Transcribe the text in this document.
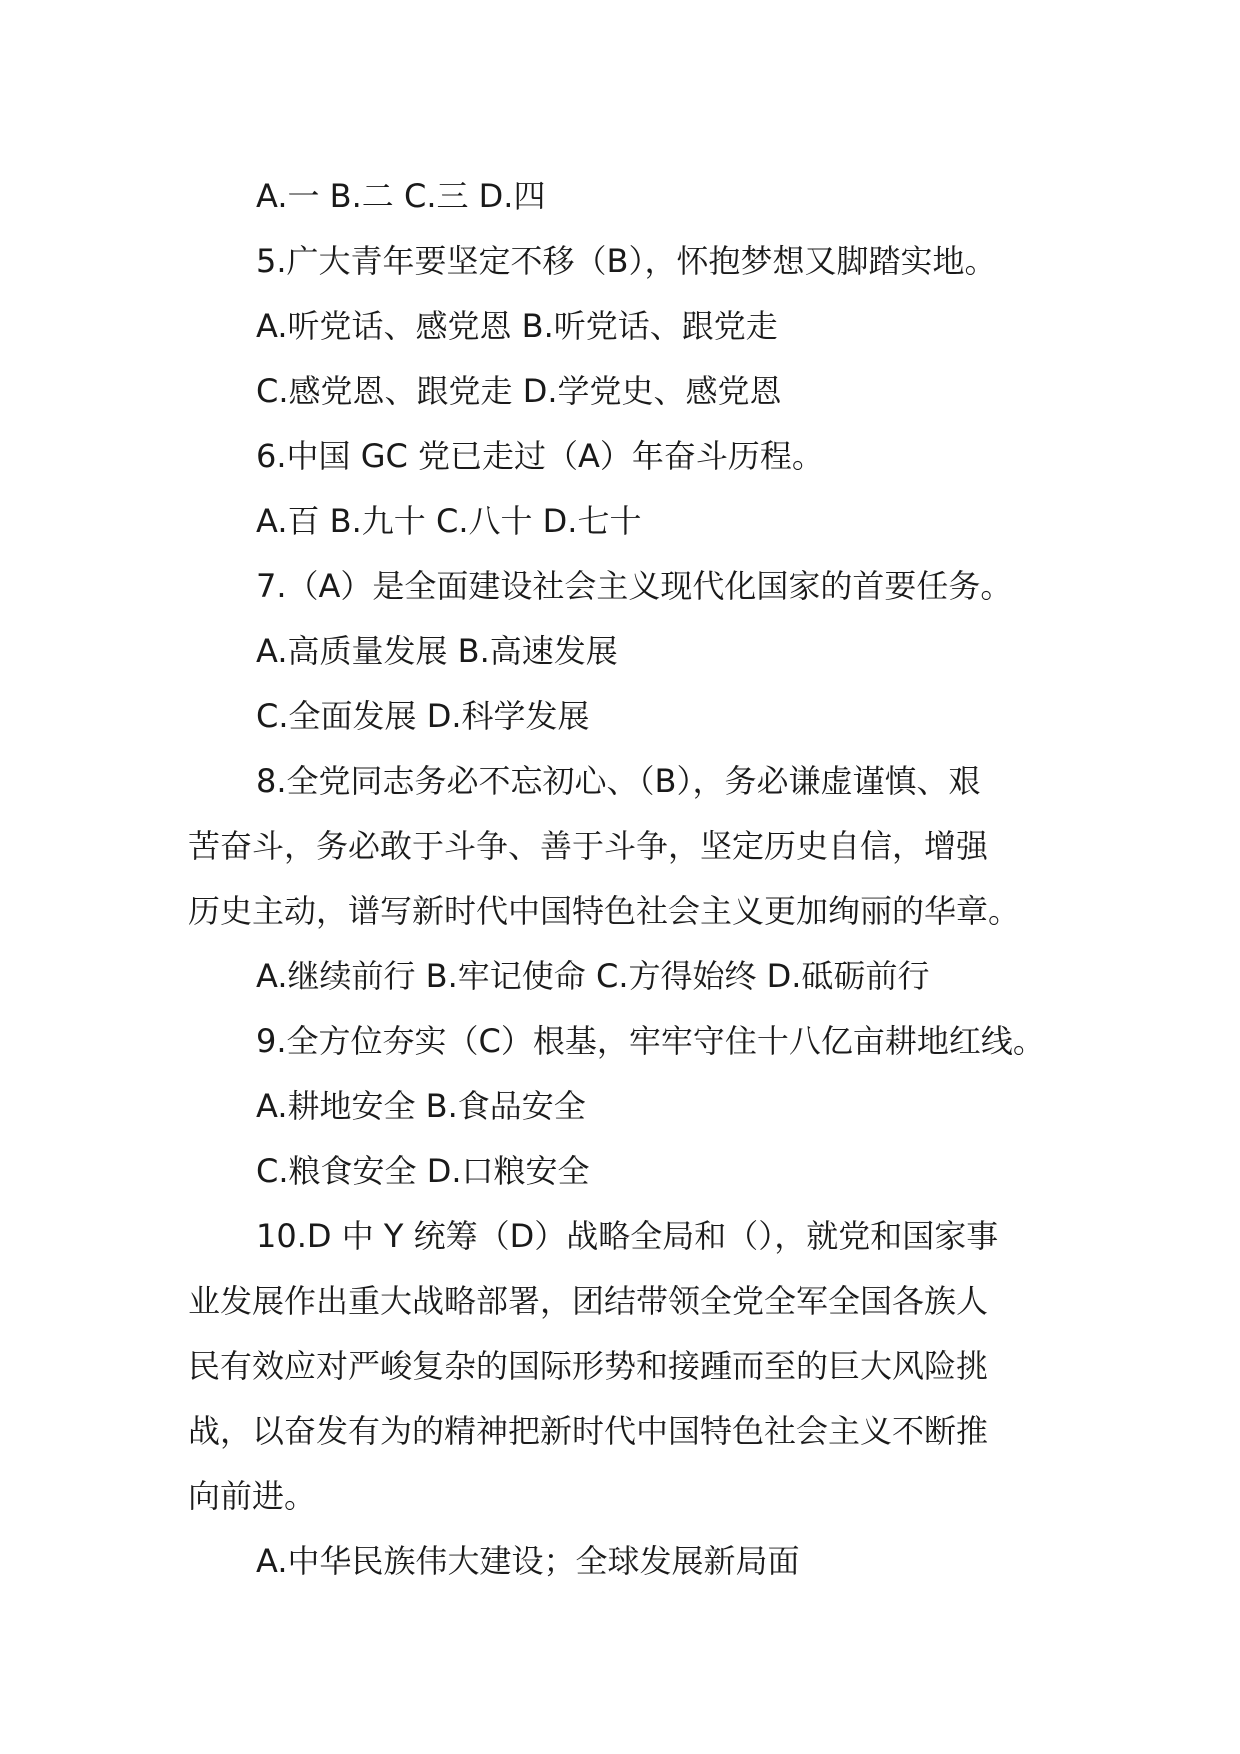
A.一 B.二 C.三 D.四
5.广大青年要坚定不移（B），怀抱梦想又脚踏实地。
A.听党话、感党恩 B.听党话、跟党走
C.感党恩、跟党走 D.学党史、感党恩
6.中国 GC 党已走过（A）年奋斗历程。
A.百 B.九十 C.八十 D.七十
7.（A）是全面建设社会主义现代化国家的首要任务。
A.高质量发展 B.高速发展
C.全面发展 D.科学发展
8.全党同志务必不忘初心、（B），务必谦虚谨慎、艰
苦奋斗，务必敢于斗争、善于斗争，坚定历史自信，增强
历史主动，谱写新时代中国特色社会主义更加绚丽的华章。
A.继续前行 B.牢记使命 C.方得始终 D.砥砺前行
9.全方位夯实（C）根基，牢牢守住十八亿亩耕地红线。
A.耕地安全 B.食品安全
C.粮食安全 D.口粮安全
10.D 中 Y 统筹（D）战略全局和（），就党和国家事
业发展作出重大战略部署，团结带领全党全军全国各族人
民有效应对严峻复杂的国际形势和接踵而至的巨大风险挑
战，以奋发有为的精神把新时代中国特色社会主义不断推
向前进。
A.中华民族伟大建设；全球发展新局面
